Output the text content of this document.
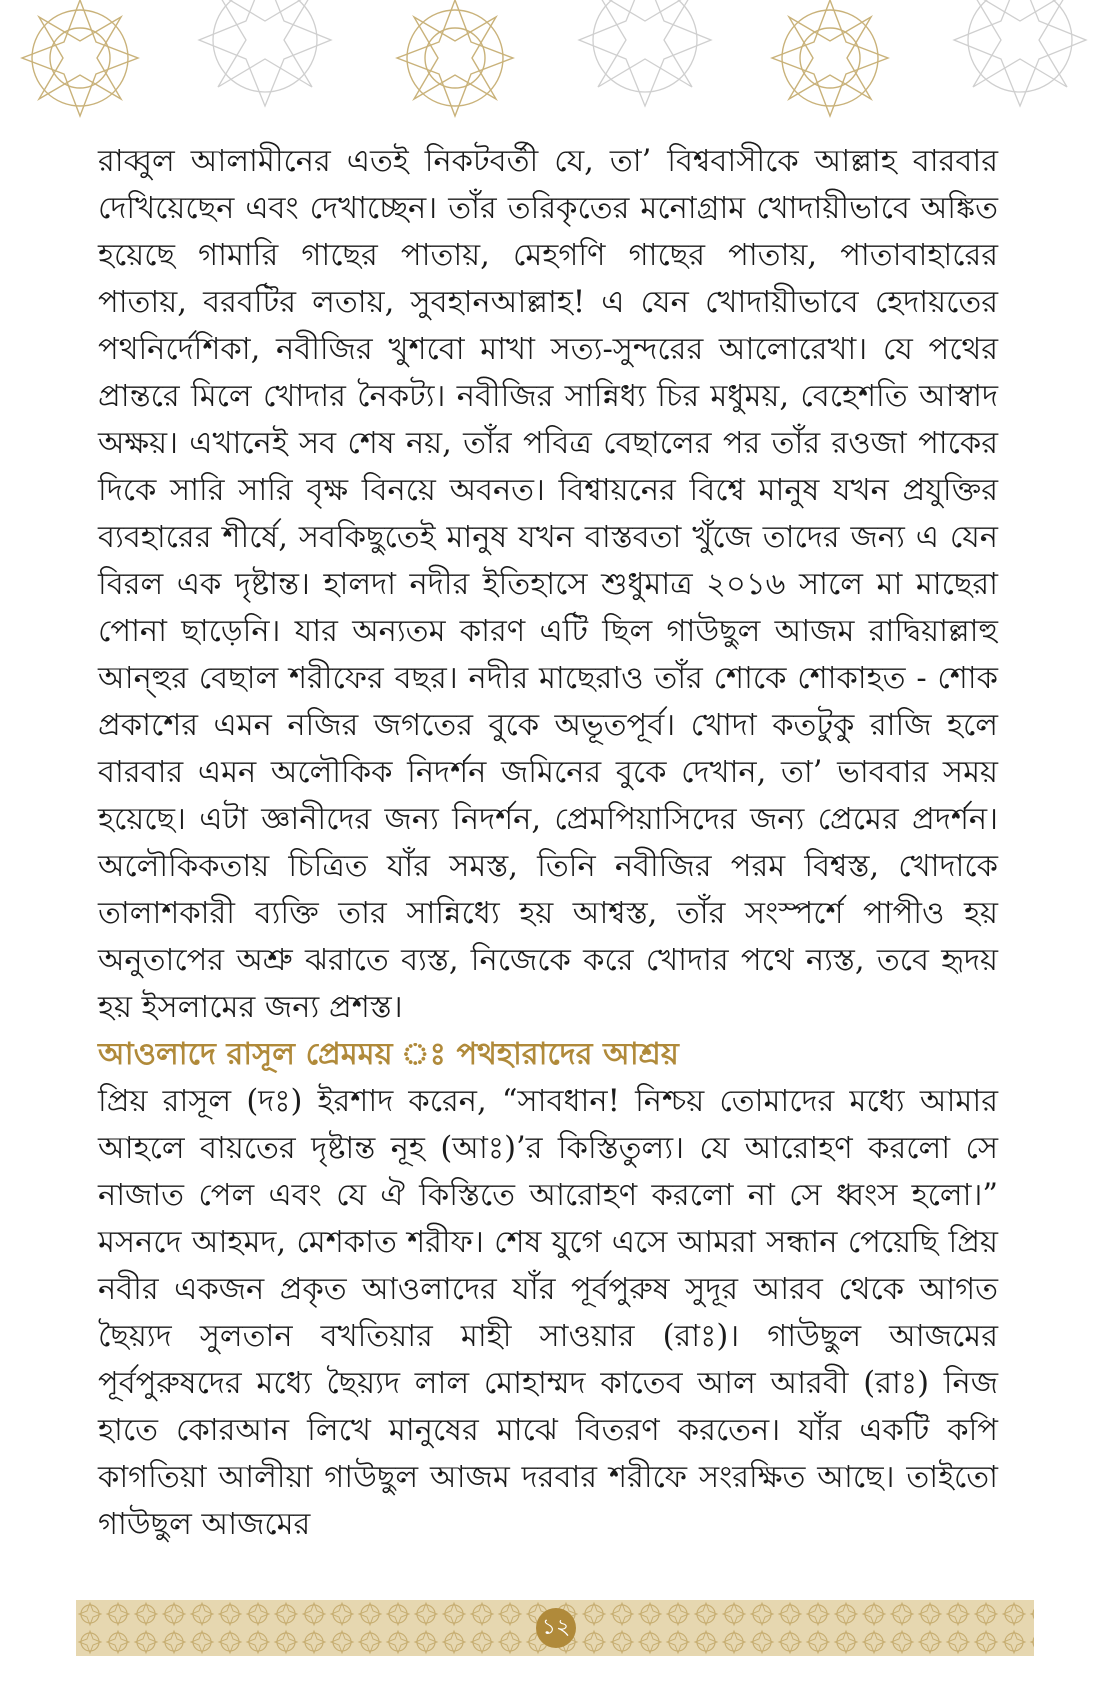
রাব্বুল আলামীনের এতই নিকটবর্তী যে, তা’ বিশ্ববাসীকে আল্লাহ বারবার দেখিয়েছেন এবং দেখাচ্ছেন। তাঁর তরিকৃতের মনোগ্রাম খোদায়ীভাবে অঙ্কিত হয়েছে গামারি গাছের পাতায়, মেহগণি গাছের পাতায়, পাতাবাহারের পাতায়, বরবটির লতায়, সুবহানআল্লাহ! এ যেন খোদায়ীভাবে হেদায়তের পথনির্দেশিকা, নবীজির খুশবো মাখা সত্য-সুন্দরের আলোরেখা। যে পথের প্রান্তরে মিলে খোদার নৈকট্য। নবীজির সান্নিধ্য চির মধুময়, বেহেশতি আস্বাদ অক্ষয়। এখানেই সব শেষ নয়, তাঁর পবিত্র বেছালের পর তাঁর রওজা পাকের দিকে সারি সারি বৃক্ষ বিনয়ে অবনত। বিশ্বায়নের বিশ্বে মানুষ যখন প্রযুক্তির ব্যবহারের শীর্ষে, সবকিছুতেই মানুষ যখন বাস্তবতা খুঁজে তাদের জন্য এ যেন বিরল এক দৃষ্টান্ত। হালদা নদীর ইতিহাসে শুধুমাত্র ২০১৬ সালে মা মাছেরা পোনা ছাড়েনি। যার অন্যতম কারণ এটি ছিল গাউছুল আজম রাদ্বিয়াল্লাহু আন্হুর বেছাল শরীফের বছর। নদীর মাছেরাও তাঁর শোকে শোকাহত - শোক প্রকাশের এমন নজির জগতের বুকে অভূতপূর্ব। খোদা কতটুকু রাজি হলে বারবার এমন অলৌকিক নিদর্শন জমিনের বুকে দেখান, তা’ ভাববার সময় হয়েছে। এটা জ্ঞানীদের জন্য নিদর্শন, প্রেমপিয়াসিদের জন্য প্রেমের প্রদর্শন। অলৌকিকতায় চিত্রিত যাঁর সমস্ত, তিনি নবীজির পরম বিশ্বস্ত, খোদাকে তালাশকারী ব্যক্তি তার সান্নিধ্যে হয় আশ্বস্ত, তাঁর সংস্পর্শে পাপীও হয় অনুতাপের অশ্রু ঝরাতে ব্যস্ত, নিজেকে করে খোদার পথে ন্যস্ত, তবে হৃদয় হয় ইসলামের জন্য প্রশস্ত।

আওলাদে রাসূল প্রেমময় ঃ পথহারাদের আশ্রয়

প্রিয় রাসূল (দঃ) ইরশাদ করেন, “সাবধান! নিশ্চয় তোমাদের মধ্যে আমার আহলে বায়তের দৃষ্টান্ত নূহ (আঃ)’র কিস্তিতুল্য। যে আরোহণ করলো সে নাজাত পেল এবং যে ঐ কিস্তিতে আরোহণ করলো না সে ধ্বংস হলো।” মসনদে আহমদ, মেশকাত শরীফ। শেষ যুগে এসে আমরা সন্ধান পেয়েছি প্রিয় নবীর একজন প্রকৃত আওলাদের যাঁর পূর্বপুরুষ সুদূর আরব থেকে আগত ছৈয়্যদ সুলতান বখতিয়ার মাহী সাওয়ার (রাঃ)। গাউছুল আজমের পূর্বপুরুষদের মধ্যে ছৈয়্যদ লাল মোহাম্মদ কাতেব আল আরবী (রাঃ) নিজ হাতে কোরআন লিখে মানুষের মাঝে বিতরণ করতেন। যাঁর একটি কপি কাগতিয়া আলীয়া গাউছুল আজম দরবার শরীফে সংরক্ষিত আছে। তাইতো গাউছুল আজমের

১২
